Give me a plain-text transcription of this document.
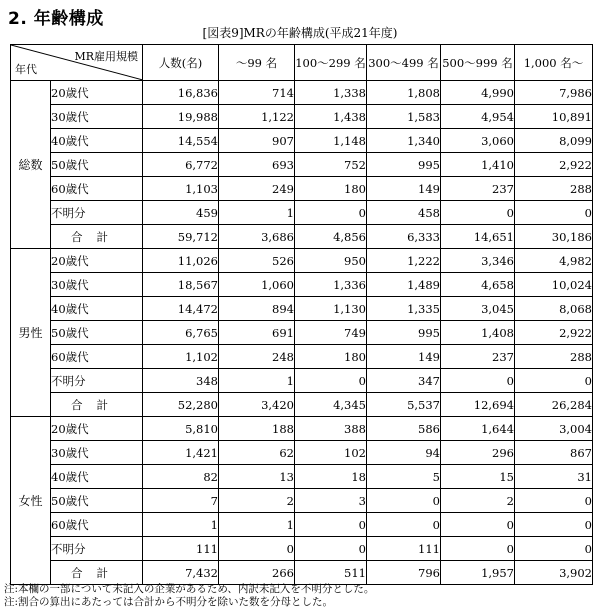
2. 年齢構成
[図表9]MRの年齢構成(平成21年度)
MR雇用規模
年代		人数(名)	～99 名	100～299 名	300～499 名	500～999 名	1,000 名～
総数	20歳代	16,836	714	1,338	1,808	4,990	7,986
	30歳代	19,988	1,122	1,438	1,583	4,954	10,891
	40歳代	14,554	907	1,148	1,340	3,060	8,099
	50歳代	6,772	693	752	995	1,410	2,922
	60歳代	1,103	249	180	149	237	288
	不明分	459	1	0	458	0	0
	合計	59,712	3,686	4,856	6,333	14,651	30,186
男性	20歳代	11,026	526	950	1,222	3,346	4,982
	30歳代	18,567	1,060	1,336	1,489	4,658	10,024
	40歳代	14,472	894	1,130	1,335	3,045	8,068
	50歳代	6,765	691	749	995	1,408	2,922
	60歳代	1,102	248	180	149	237	288
	不明分	348	1	0	347	0	0
	合計	52,280	3,420	4,345	5,537	12,694	26,284
女性	20歳代	5,810	188	388	586	1,644	3,004
	30歳代	1,421	62	102	94	296	867
	40歳代	82	13	18	5	15	31
	50歳代	7	2	3	0	2	0
	60歳代	1	1	0	0	0	0
	不明分	111	0	0	111	0	0
	合計	7,432	266	511	796	1,957	3,902
注:本欄の一部について未記入の企業があるため、内訳未記入を不明分とした。
注:割合の算出にあたっては合計から不明分を除いた数を分母とした。
